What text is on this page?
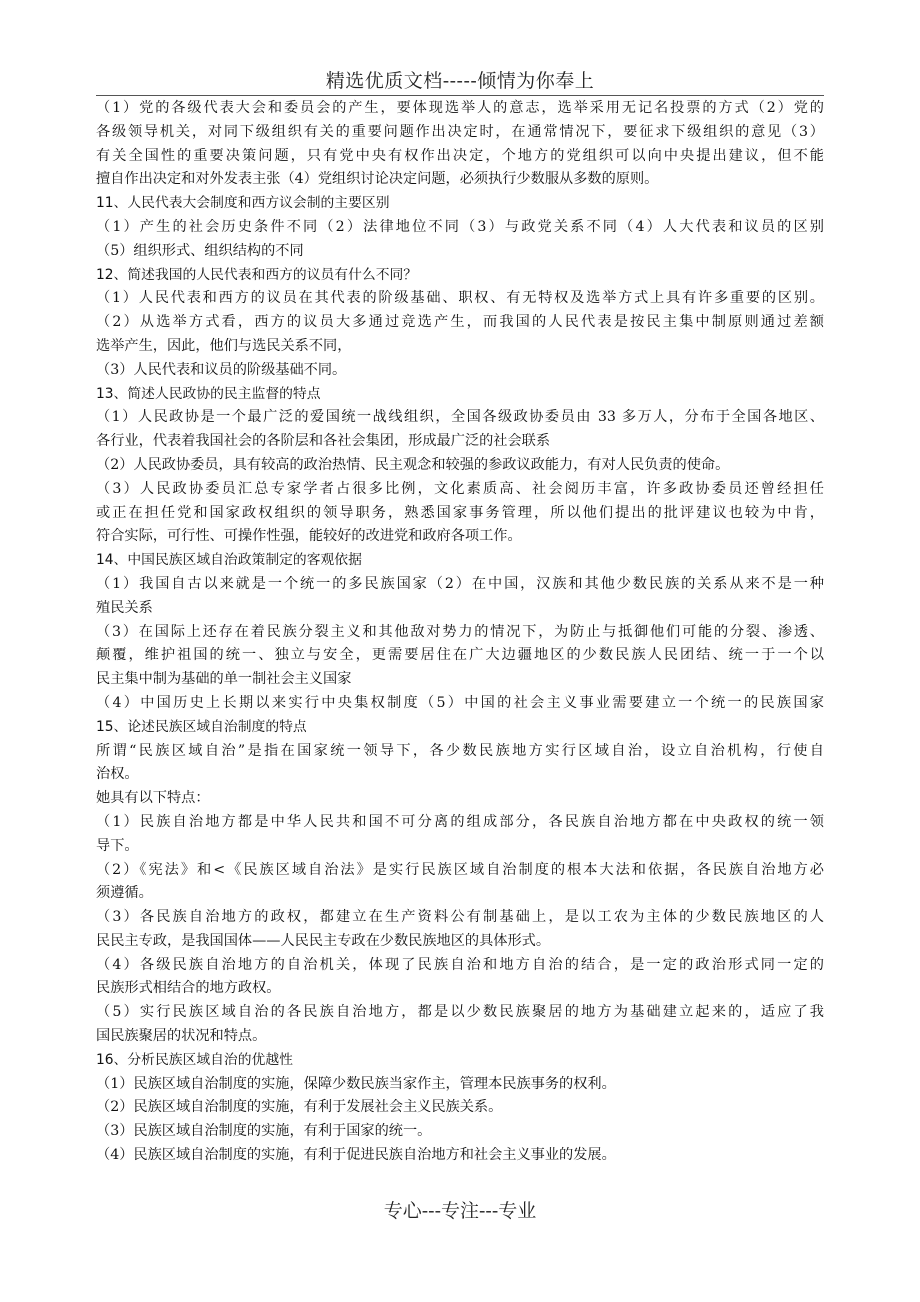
精选优质文档-----倾情为你奉上
（1）党的各级代表大会和委员会的产生，要体现选举人的意志，选举采用无记名投票的方式（2）党的
各级领导机关，对同下级组织有关的重要问题作出决定时，在通常情况下，要征求下级组织的意见（3）
有关全国性的重要决策问题，只有党中央有权作出决定，个地方的党组织可以向中央提出建议，但不能
擅自作出决定和对外发表主张（4）党组织讨论决定问题，必须执行少数服从多数的原则。
11、人民代表大会制度和西方议会制的主要区别
（1）产生的社会历史条件不同（2）法律地位不同（3）与政党关系不同（4）人大代表和议员的区别
（5）组织形式、组织结构的不同
12、简述我国的人民代表和西方的议员有什么不同？
（1）人民代表和西方的议员在其代表的阶级基础、职权、有无特权及选举方式上具有许多重要的区别。
（2）从选举方式看，西方的议员大多通过竞选产生，而我国的人民代表是按民主集中制原则通过差额
选举产生，因此，他们与选民关系不同，
（3）人民代表和议员的阶级基础不同。
13、简述人民政协的民主监督的特点
（1）人民政协是一个最广泛的爱国统一战线组织，全国各级政协委员由 33 多万人，分布于全国各地区、
各行业，代表着我国社会的各阶层和各社会集团，形成最广泛的社会联系
（2）人民政协委员，具有较高的政治热情、民主观念和较强的参政议政能力，有对人民负责的使命。
（3）人民政协委员汇总专家学者占很多比例，文化素质高、社会阅历丰富，许多政协委员还曾经担任
或正在担任党和国家政权组织的领导职务，熟悉国家事务管理，所以他们提出的批评建议也较为中肯，
符合实际，可行性、可操作性强，能较好的改进党和政府各项工作。
14、中国民族区域自治政策制定的客观依据
（1）我国自古以来就是一个统一的多民族国家（2）在中国，汉族和其他少数民族的关系从来不是一种
殖民关系
（3）在国际上还存在着民族分裂主义和其他敌对势力的情况下，为防止与抵御他们可能的分裂、渗透、
颠覆，维护祖国的统一、独立与安全，更需要居住在广大边疆地区的少数民族人民团结、统一于一个以
民主集中制为基础的单一制社会主义国家
（4）中国历史上长期以来实行中央集权制度（5）中国的社会主义事业需要建立一个统一的民族国家
15、论述民族区域自治制度的特点
所谓“民族区域自治”是指在国家统一领导下，各少数民族地方实行区域自治，设立自治机构，行使自
治权。
她具有以下特点：
（1）民族自治地方都是中华人民共和国不可分离的组成部分，各民族自治地方都在中央政权的统一领
导下。
（2）《宪法》和<《民族区域自治法》是实行民族区域自治制度的根本大法和依据，各民族自治地方必
须遵循。
（3）各民族自治地方的政权，都建立在生产资料公有制基础上，是以工农为主体的少数民族地区的人
民民主专政，是我国国体——人民民主专政在少数民族地区的具体形式。
（4）各级民族自治地方的自治机关，体现了民族自治和地方自治的结合，是一定的政治形式同一定的
民族形式相结合的地方政权。
（5）实行民族区域自治的各民族自治地方，都是以少数民族聚居的地方为基础建立起来的，适应了我
国民族聚居的状况和特点。
16、分析民族区域自治的优越性
（1）民族区域自治制度的实施，保障少数民族当家作主，管理本民族事务的权利。
（2）民族区域自治制度的实施，有利于发展社会主义民族关系。
（3）民族区域自治制度的实施，有利于国家的统一。
（4）民族区域自治制度的实施，有利于促进民族自治地方和社会主义事业的发展。
专心---专注---专业
